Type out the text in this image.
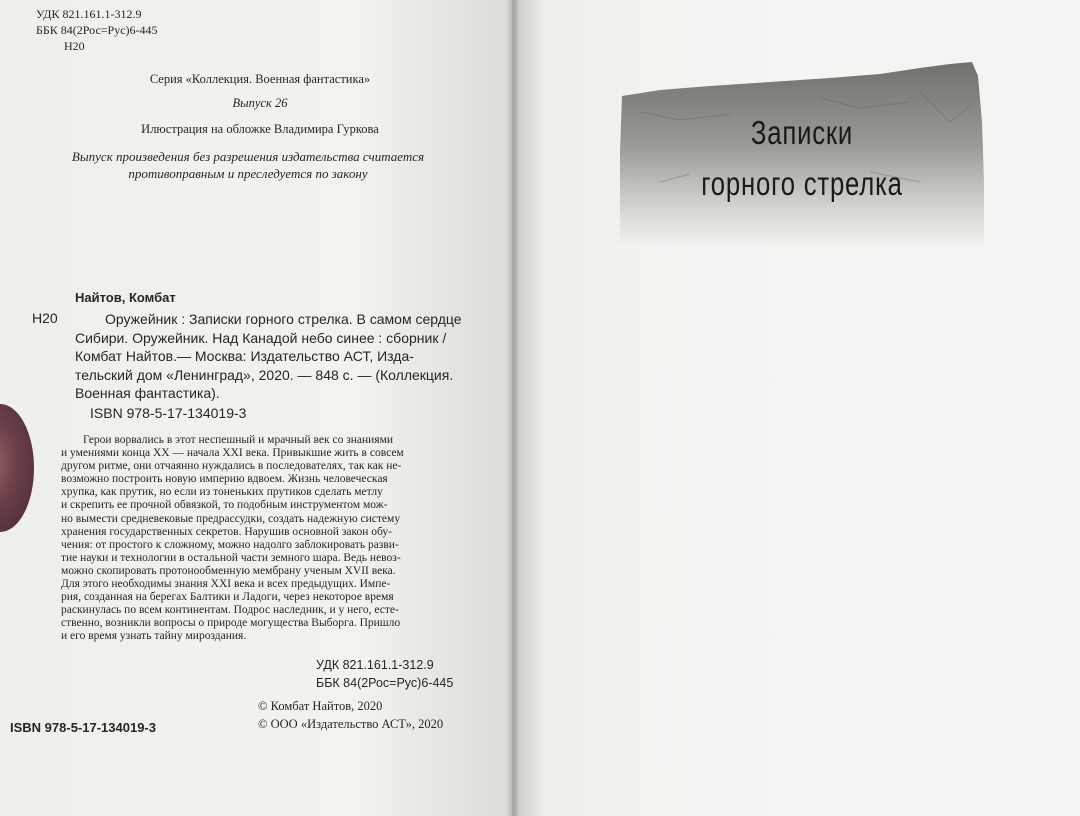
УДК 821.161.1-312.9
ББК 84(2Рос=Рус)6-445
Н20
Серия «Коллекция. Военная фантастика»
Выпуск 26
Илюстрация на обложке Владимира Гуркова
Выпуск произведения без разрешения издательства считается
противоправным и преследуется по закону
Найтов, Комбат
Н20	Оружейник : Записки горного стрелка. В самом сердце
Сибири. Оружейник. Над Канадой небо синее : сборник /
Комбат Найтов.— Москва: Издательство АСТ, Изда-
тельский дом «Ленинград», 2020. — 848 с. — (Коллекция.
Военная фантастика).
ISBN 978-5-17-134019-3
Герои ворвались в этот неспешный и мрачный век со знаниями
и умениями конца XX — начала XXI века. Привыкшие жить в совсем
другом ритме, они отчаянно нуждались в последователях, так как не-
возможно построить новую империю вдвоем. Жизнь человеческая
хрупка, как прутик, но если из тоненьких прутиков сделать метлу
и скрепить ее прочной обвязкой, то подобным инструментом мож-
но вымести средневековые предрассудки, создать надежную систему
хранения государственных секретов. Нарушив основной закон обу-
чения: от простого к сложному, можно надолго заблокировать разви-
тие науки и технологии в остальной части земного шара. Ведь невоз-
можно скопировать протонообменную мембрану ученым XVII века.
Для этого необходимы знания XXI века и всех предыдущих. Импе-
рия, созданная на берегах Балтики и Ладоги, через некоторое время
раскинулась по всем континентам. Подрос наследник, и у него, есте-
ственно, возникли вопросы о природе могущества Выборга. Пришло
и его время узнать тайну мироздания.
УДК 821.161.1-312.9
ББК 84(2Рос=Рус)6-445
© Комбат Найтов, 2020
© ООО «Издательство АСТ», 2020
ISBN 978-5-17-134019-3
Записки
горного стрелка
